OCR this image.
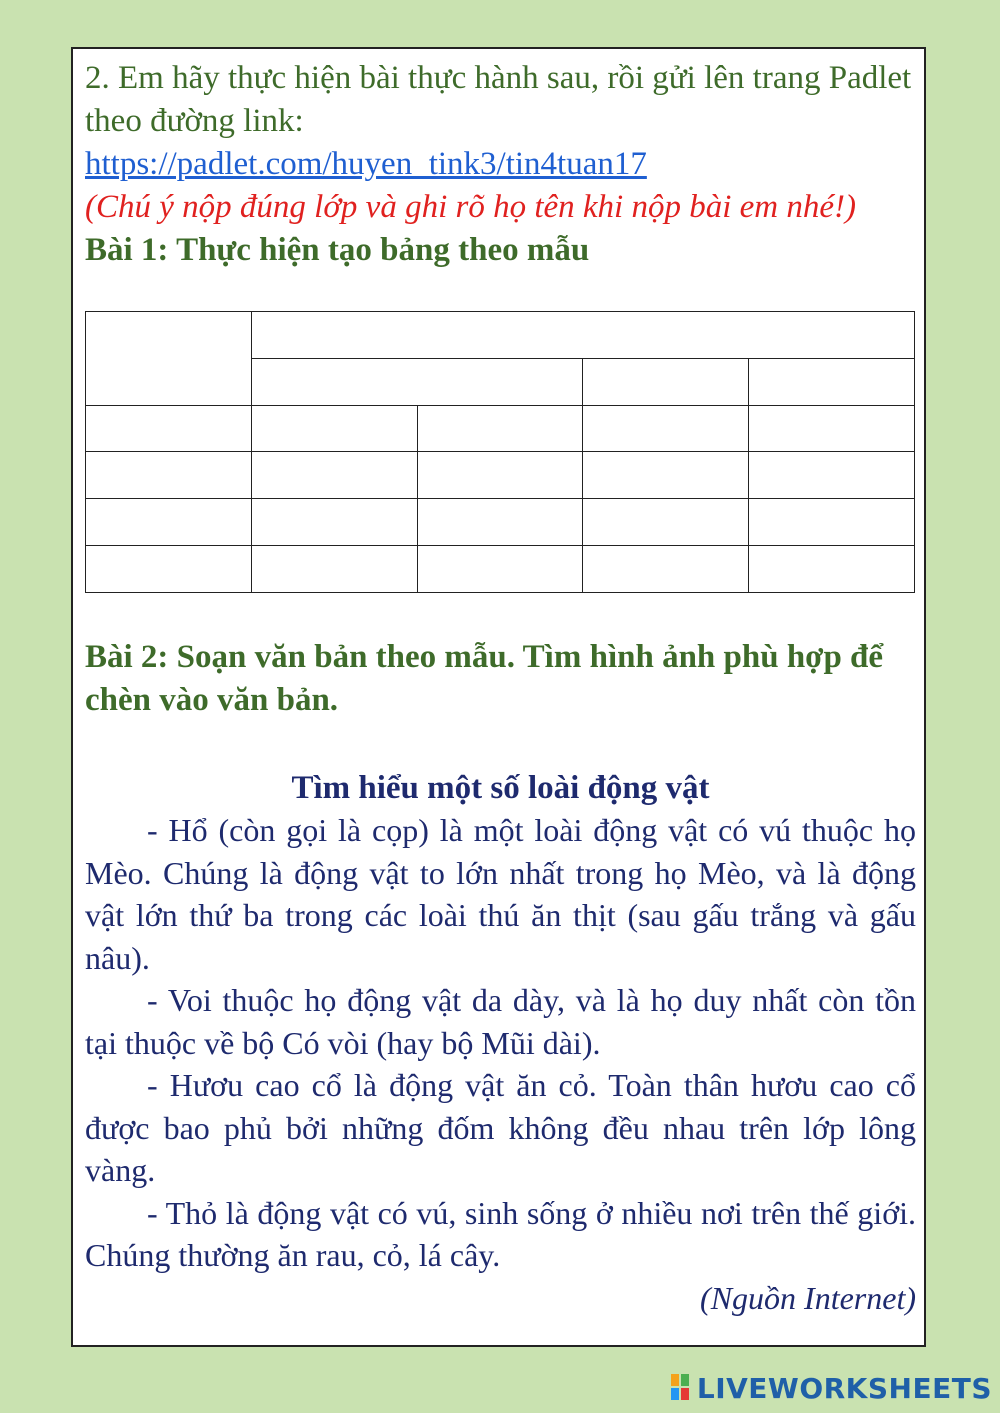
2. Em hãy thực hiện bài thực hành sau, rồi gửi lên trang Padlet theo đường link:

https://padlet.com/huyen_tink3/tin4tuan17

(Chú ý nộp đúng lớp và ghi rõ họ tên khi nộp bài em nhé!)

Bài 1: Thực hiện tạo bảng theo mẫu

Bài 2: Soạn văn bản theo mẫu. Tìm hình ảnh phù hợp để chèn vào văn bản.

Tìm hiểu một số loài động vật

- Hổ (còn gọi là cọp) là một loài động vật có vú thuộc họ Mèo. Chúng là động vật to lớn nhất trong họ Mèo, và là động vật lớn thứ ba trong các loài thú ăn thịt (sau gấu trắng và gấu nâu).

- Voi thuộc họ động vật da dày, và là họ duy nhất còn tồn tại thuộc về bộ Có vòi (hay bộ Mũi dài).

- Hươu cao cổ là động vật ăn cỏ. Toàn thân hươu cao cổ được bao phủ bởi những đốm không đều nhau trên lớp lông vàng.

- Thỏ là động vật có vú, sinh sống ở nhiều nơi trên thế giới. Chúng thường ăn rau, cỏ, lá cây.

(Nguồn Internet)

LIVEWORKSHEETS
